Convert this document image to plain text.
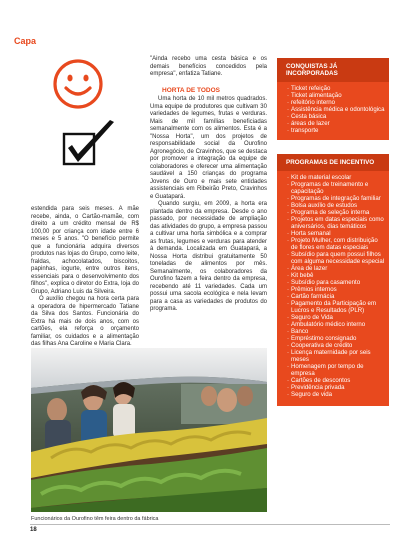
Capa

estendida para seis meses. A mãe recebe, ainda, o Cartão-mamãe, com direito a um crédito mensal de R$ 100,00 por criança com idade entre 6 meses e 5 anos. "O benefício permite que a funcionária adquira diversos produtos nas lojas do Grupo, como leite, fraldas, achocolatados, biscoitos, papinhas, iogurte, entre outros itens, essenciais para o desenvolvimento dos filhos", explica o diretor do Extra, loja do Grupo, Adriano Luis da Silveira.

O auxílio chegou na hora certa para a operadora de hipermercado Tatiane da Silva dos Santos. Funcionária do Extra há mais de dois anos, com os cartões, ela reforça o orçamento familiar, os cuidados e a alimentação das filhas Ana Caroline e Maria Clara.

"Ainda recebo uma cesta básica e os demais benefícios concedidos pela empresa", enfatiza Tatiane.

HORTA DE TODOS

Uma horta de 10 mil metros quadrados. Uma equipe de produtores que cultivam 30 variedades de legumes, frutas e verduras. Mais de mil famílias beneficiadas semanalmente com os alimentos. Esta é a "Nossa Horta", um dos projetos de responsabilidade social da Ourofino Agronegócio, de Cravinhos, que se destaca por promover a integração da equipe de colaboradores e oferecer uma alimentação saudável a 150 crianças do programa Jovens de Ouro e mais sete entidades assistenciais em Ribeirão Preto, Cravinhos e Guatapará.

Quando surgiu, em 2009, a horta era plantada dentro da empresa. Desde o ano passado, por necessidade de ampliação das atividades do grupo, a empresa passou a cultivar uma horta simbólica e a comprar as frutas, legumes e verduras para atender à demanda. Localizada em Guatapará, a Nossa Horta distribui gratuitamente 50 toneladas de alimentos por mês. Semanalmente, os colaboradores da Ourofino fazem a feira dentro da empresa, recebendo até 11 variedades. Cada um possui uma sacola ecológica e nela levam para a casa as variedades de produtos do programa.

CONQUISTAS JÁ INCORPORADAS
· Ticket refeição
· Ticket alimentação
· refeitório interno
· Assistência médica e odontológica
· Cesta básica
· áreas de lazer
· transporte
PROGRAMAS DE INCENTIVO
· Kit de material escolar
· Programas de treinamento e capacitação
· Programas de integração familiar
· Bolsa auxílio de estudos
· Programa de seleção interna
· Projetos em datas especiais como aniversários, dias temáticos
· Horta semanal
· Projeto Mulher, com distribuição de flores em datas especiais
· Subsídio para quem possui filhos com alguma necessidade especial
· Área de lazer
· Kit bebê
· Subsídio para casamento
· Prêmios internos
· Cartão farmácia
· Pagamento da Participação em Lucros e Resultados (PLR)
· Seguro de Vida
· Ambulatório médico interno
· Banco
· Empréstimo consignado
· Cooperativa de crédito
· Licença maternidade por seis meses
· Homenagem por tempo de empresa
· Cartões de descontos
· Previdência privada
· Seguro de vida
Funcionários da Ourofino têm feira dentro da fábrica
18
